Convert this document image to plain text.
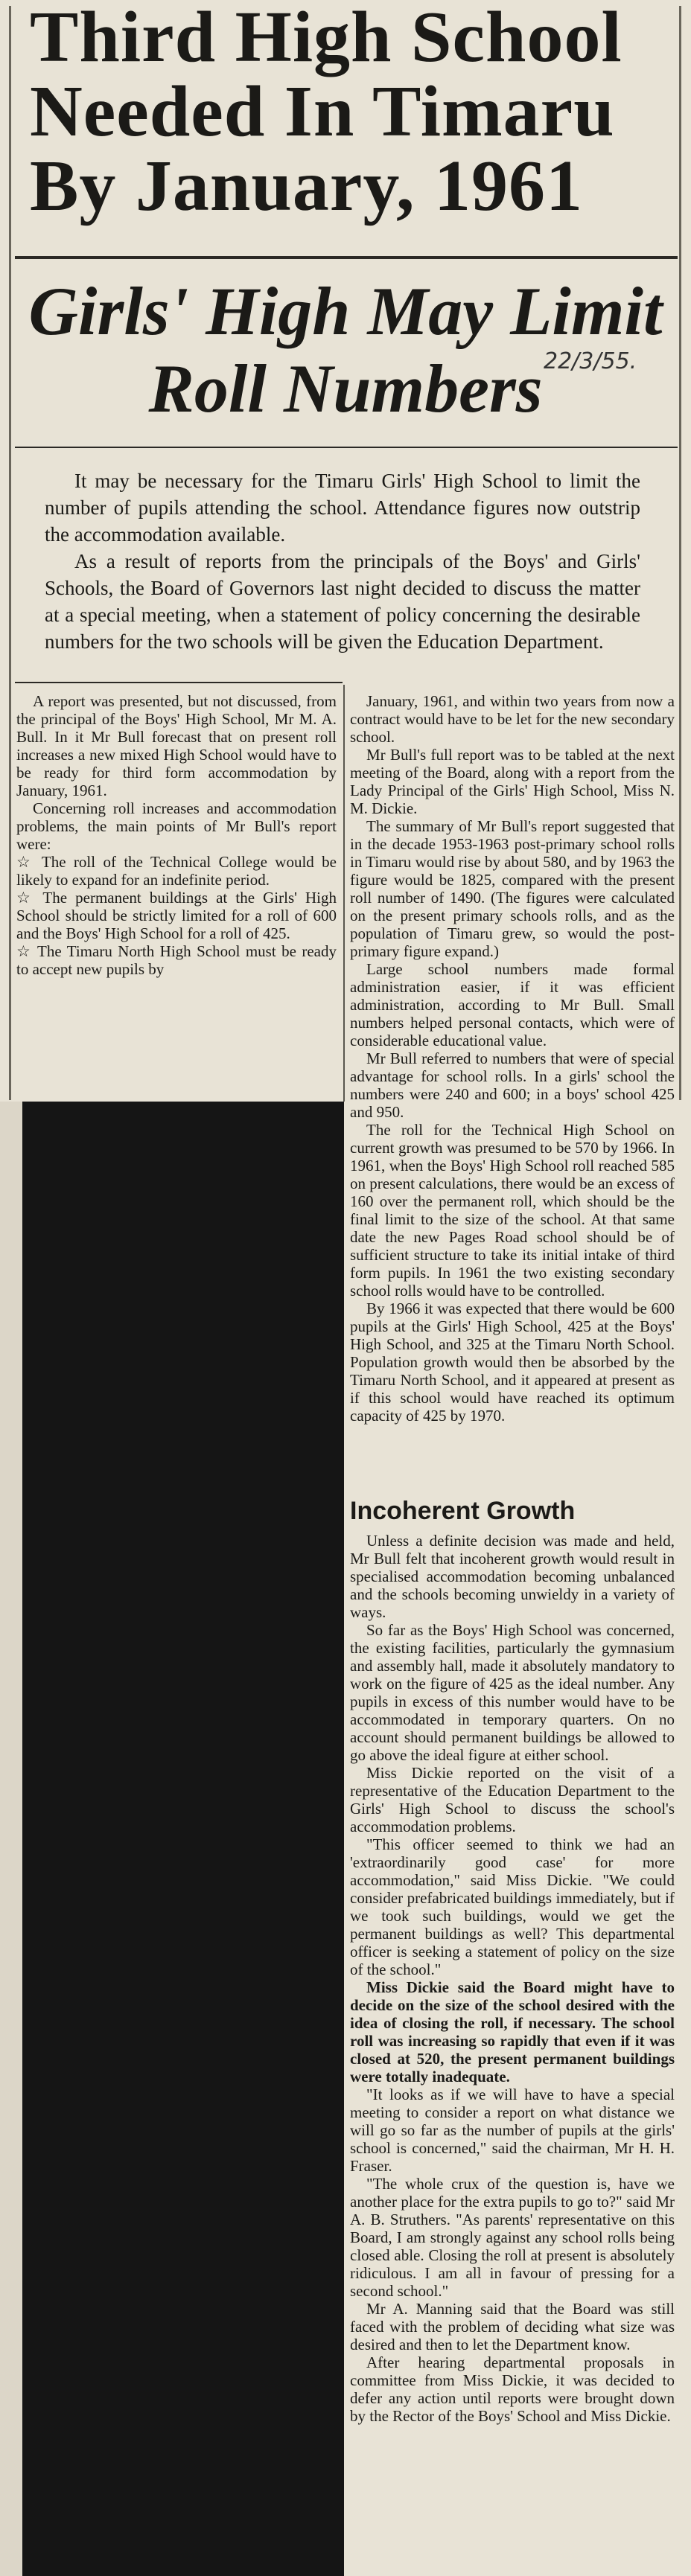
Third High School
Needed In Timaru
By January, 1961
Girls' High May Limit
Roll Numbers 22/3/55.

It may be necessary for the Timaru Girls' High School to limit the number of pupils attending the school. Attendance figures now outstrip the accommodation available.

As a result of reports from the principals of the Boys' and Girls' Schools, the Board of Governors last night decided to discuss the matter at a special meeting, when a statement of policy concerning the desirable numbers for the two schools will be given the Education Department.

A report was presented, but not discussed, from the principal of the Boys' High School, Mr M. A. Bull. In it Mr Bull forecast that on present roll increases a new mixed High School would have to be ready for third form accommodation by January, 1961.

Concerning roll increases and accommodation problems, the main points of Mr Bull's report were:

☆ The roll of the Technical College would be likely to expand for an indefinite period.

☆ The permanent buildings at the Girls' High School should be strictly limited for a roll of 600 and the Boys' High School for a roll of 425.

☆ The Timaru North High School must be ready to accept new pupils by

January, 1961, and within two years from now a contract would have to be let for the new secondary school.

Mr Bull's full report was to be tabled at the next meeting of the Board, along with a report from the Lady Principal of the Girls' High School, Miss N. M. Dickie.

The summary of Mr Bull's report suggested that in the decade 1953-1963 post-primary school rolls in Timaru would rise by about 580, and by 1963 the figure would be 1825, compared with the present roll number of 1490. (The figures were calculated on the present primary schools rolls, and as the population of Timaru grew, so would the post-primary figure expand.)

Large school numbers made formal administration easier, if it was efficient administration, according to Mr Bull. Small numbers helped personal contacts, which were of considerable educational value.

Mr Bull referred to numbers that were of special advantage for school rolls. In a girls' school the numbers were 240 and 600; in a boys' school 425 and 950.

The roll for the Technical High School on current growth was presumed to be 570 by 1966. In 1961, when the Boys' High School roll reached 585 on present calculations, there would be an excess of 160 over the permanent roll, which should be the final limit to the size of the school. At that same date the new Pages Road school should be of sufficient structure to take its initial intake of third form pupils. In 1961 the two existing secondary school rolls would have to be controlled.

By 1966 it was expected that there would be 600 pupils at the Girls' High School, 425 at the Boys' High School, and 325 at the Timaru North School. Population growth would then be absorbed by the Timaru North School, and it appeared at present as if this school would have reached its optimum capacity of 425 by 1970.

Incoherent Growth

Unless a definite decision was made and held, Mr Bull felt that incoherent growth would result in specialised accommodation becoming unbalanced and the schools becoming unwieldy in a variety of ways.

So far as the Boys' High School was concerned, the existing facilities, particularly the gymnasium and assembly hall, made it absolutely mandatory to work on the figure of 425 as the ideal number. Any pupils in excess of this number would have to be accommodated in temporary quarters. On no account should permanent buildings be allowed to go above the ideal figure at either school.

Miss Dickie reported on the visit of a representative of the Education Department to the Girls' High School to discuss the school's accommodation problems.

"This officer seemed to think we had an 'extraordinarily good case' for more accommodation," said Miss Dickie. "We could consider prefabricated buildings immediately, but if we took such buildings, would we get the permanent buildings as well? This departmental officer is seeking a statement of policy on the size of the school."

Miss Dickie said the Board might have to decide on the size of the school desired with the idea of closing the roll, if necessary. The school roll was increasing so rapidly that even if it was closed at 520, the present permanent buildings were totally inadequate.

"It looks as if we will have to have a special meeting to consider a report on what distance we will go so far as the number of pupils at the girls' school is concerned," said the chairman, Mr H. H. Fraser.

"The whole crux of the question is, have we another place for the extra pupils to go to?" said Mr A. B. Struthers. "As parents' representative on this Board, I am strongly against any school rolls being closed able. Closing the roll at present is absolutely ridiculous. I am all in favour of pressing for a second school."

Mr A. Manning said that the Board was still faced with the problem of deciding what size was desired and then to let the Department know.

After hearing departmental proposals in committee from Miss Dickie, it was decided to defer any action until reports were brought down by the Rector of the Boys' School and Miss Dickie.
